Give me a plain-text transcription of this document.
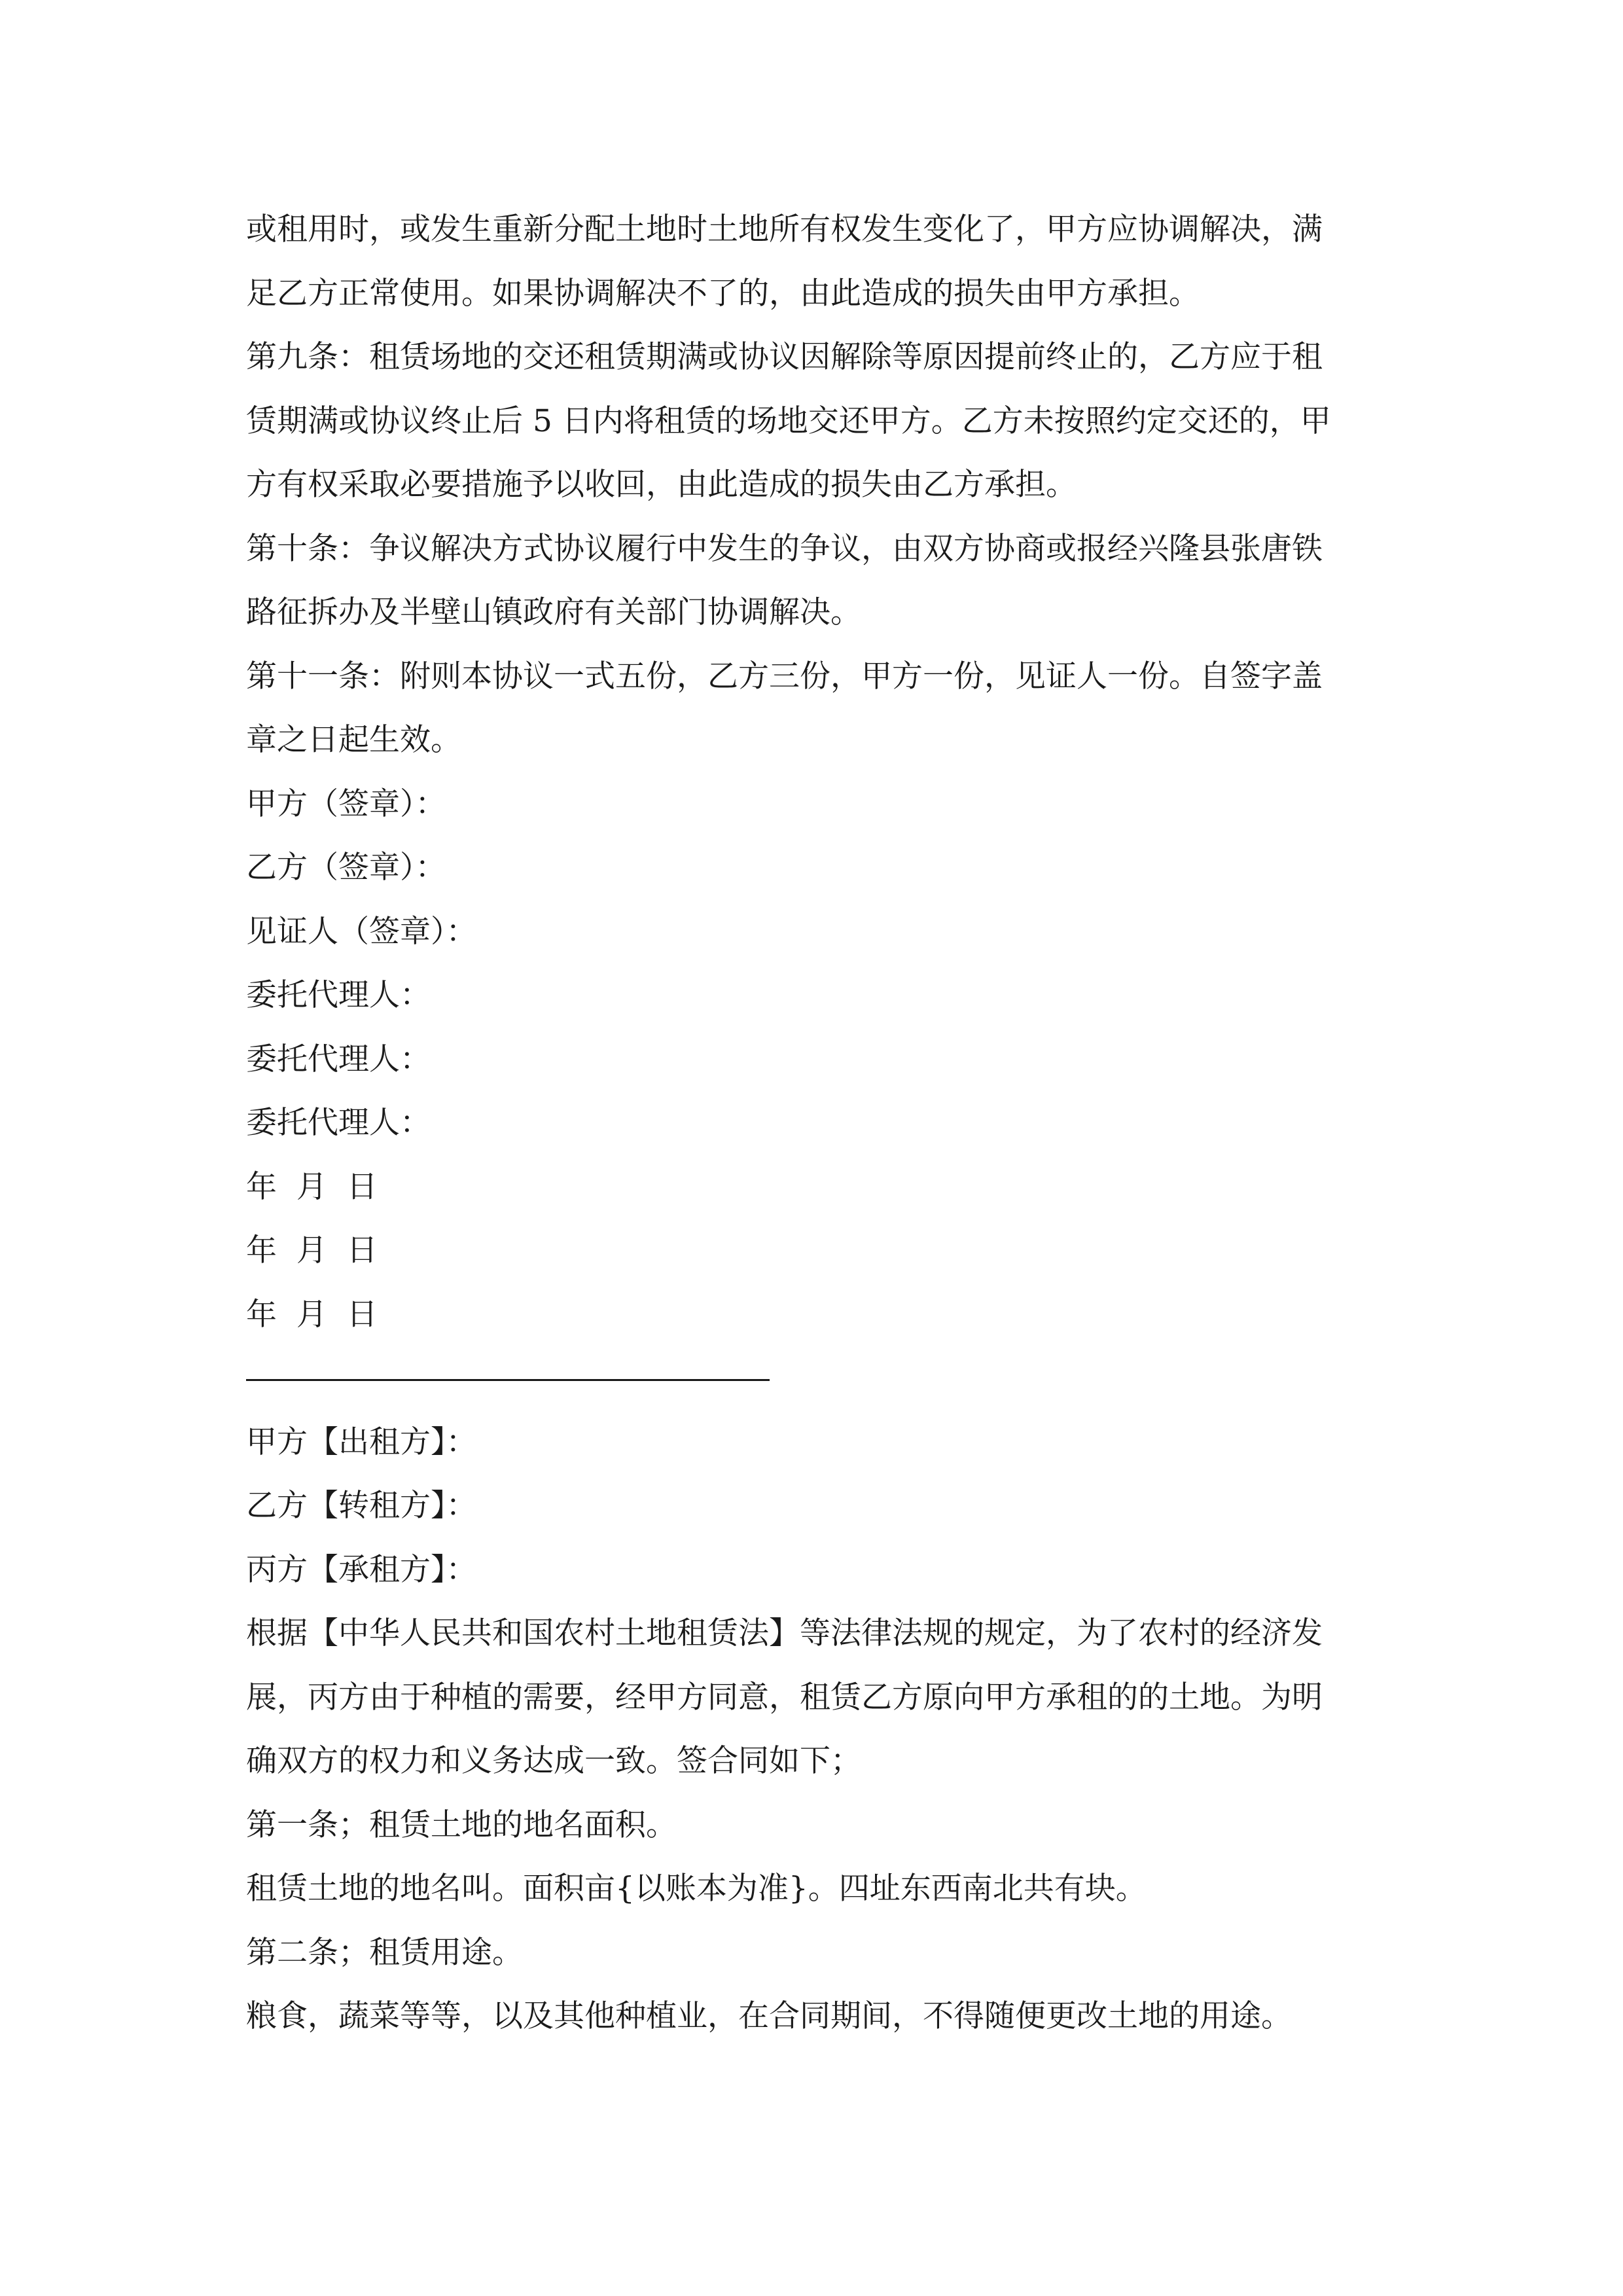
或租用时，或发生重新分配土地时土地所有权发生变化了，甲方应协调解决，满
足乙方正常使用。如果协调解决不了的，由此造成的损失由甲方承担。
第九条：租赁场地的交还租赁期满或协议因解除等原因提前终止的，乙方应于租
赁期满或协议终止后 5 日内将租赁的场地交还甲方。乙方未按照约定交还的，甲
方有权采取必要措施予以收回，由此造成的损失由乙方承担。
第十条：争议解决方式协议履行中发生的争议，由双方协商或报经兴隆县张唐铁
路征拆办及半壁山镇政府有关部门协调解决。
第十一条：附则本协议一式五份，乙方三份，甲方一份，见证人一份。自签字盖
章之日起生效。
甲方（签章）：
乙方（签章）：
见证人（签章）：
委托代理人：
委托代理人：
委托代理人：
年  月  日
年  月  日
年  月  日
甲方【出租方】：
乙方【转租方】：
丙方【承租方】：
根据【中华人民共和国农村土地租赁法】等法律法规的规定，为了农村的经济发
展，丙方由于种植的需要，经甲方同意，租赁乙方原向甲方承租的的土地。为明
确双方的权力和义务达成一致。签合同如下；
第一条；租赁土地的地名面积。
租赁土地的地名叫。面积亩{以账本为准}。四址东西南北共有块。
第二条；租赁用途。
粮食，蔬菜等等，以及其他种植业，在合同期间，不得随便更改土地的用途。
